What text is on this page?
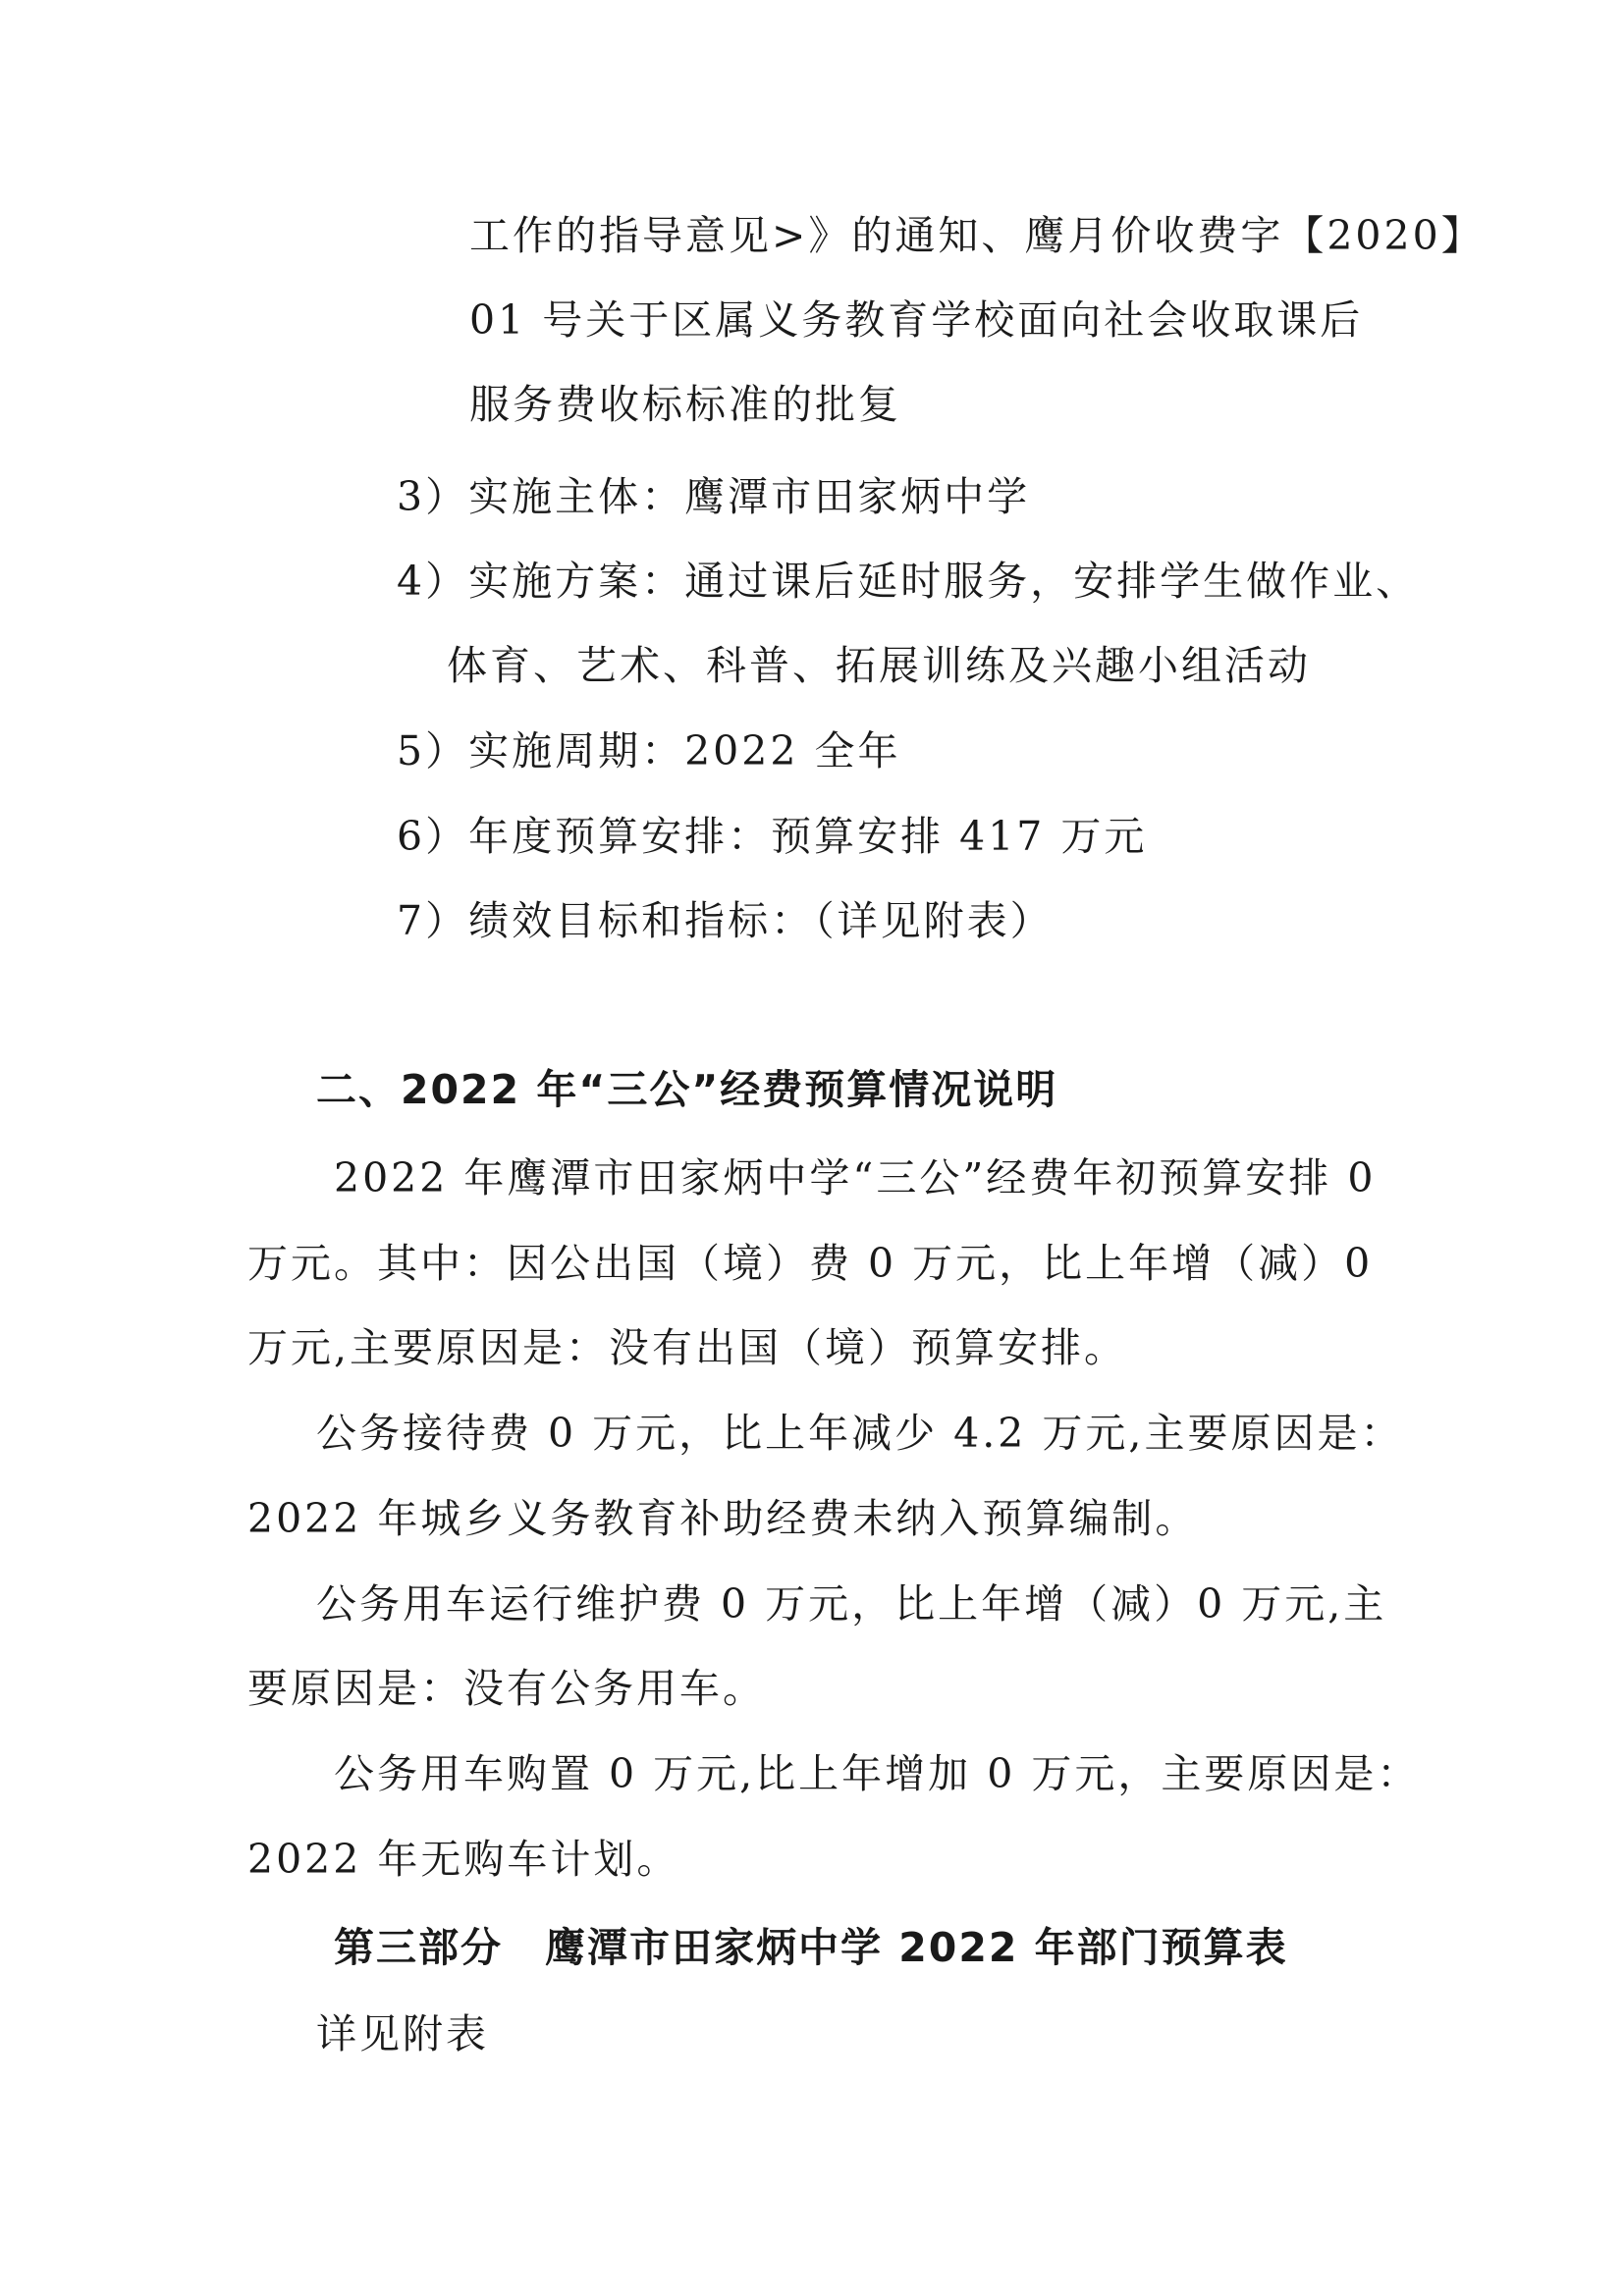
工作的指导意见>》的通知、鹰月价收费字【2020】
01 号关于区属义务教育学校面向社会收取课后
服务费收标标准的批复
3）实施主体：鹰潭市田家炳中学
4）实施方案：通过课后延时服务，安排学生做作业、
体育、艺术、科普、拓展训练及兴趣小组活动
5）实施周期：2022 全年
6）年度预算安排：预算安排 417 万元
7）绩效目标和指标：（详见附表）
二、2022 年“三公”经费预算情况说明
2022 年鹰潭市田家炳中学“三公”经费年初预算安排 0
万元。其中：因公出国（境）费 0 万元，比上年增（减）0
万元,主要原因是：没有出国（境）预算安排。
公务接待费 0 万元，比上年减少 4.2 万元,主要原因是：
2022 年城乡义务教育补助经费未纳入预算编制。
公务用车运行维护费 0 万元，比上年增（减）0 万元,主
要原因是：没有公务用车。
公务用车购置 0 万元,比上年增加 0 万元，主要原因是：
2022 年无购车计划。
第三部分　鹰潭市田家炳中学 2022 年部门预算表
详见附表
